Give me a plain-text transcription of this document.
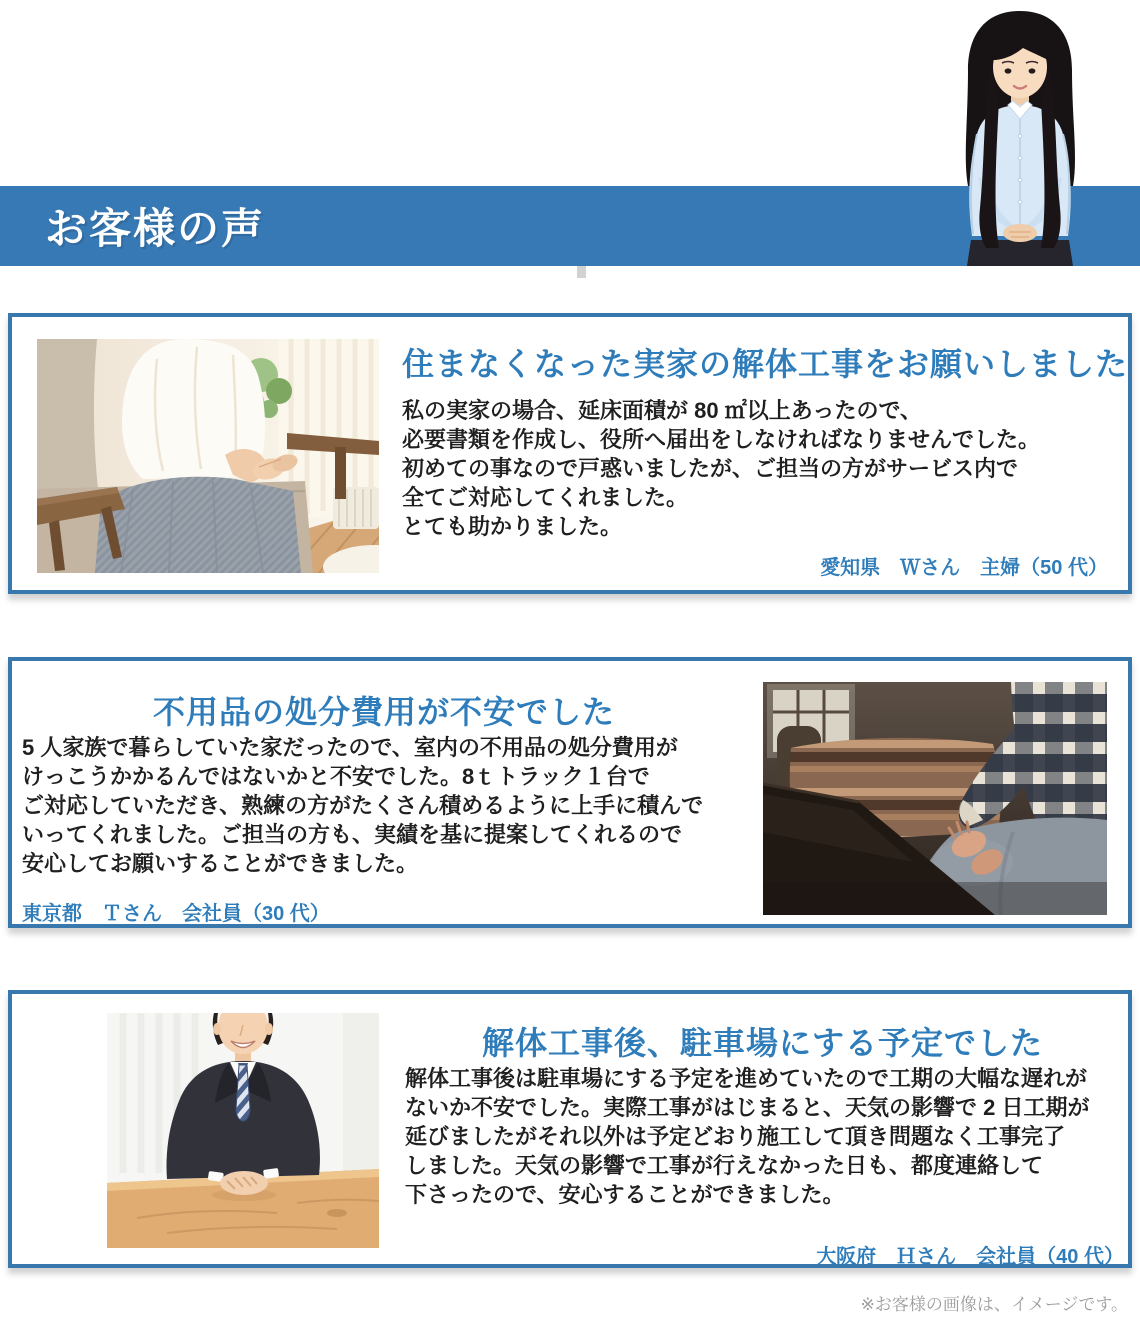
お客様の声
住まなくなった実家の解体工事をお願いしました
私の実家の場合、延床面積が 80 ㎡以上あったので、
必要書類を作成し、役所へ届出をしなければなりませんでした。
初めての事なので戸惑いましたが、ご担当の方がサービス内で
全てご対応してくれました。
とても助かりました。
愛知県　Ｗさん　主婦（50 代）
不用品の処分費用が不安でした
5 人家族で暮らしていた家だったので、室内の不用品の処分費用が
けっこうかかるんではないかと不安でした。8ｔトラック１台で
ご対応していただき、熟練の方がたくさん積めるように上手に積んで
いってくれました。ご担当の方も、実績を基に提案してくれるので
安心してお願いすることができました。
東京都　Ｔさん　会社員（30 代）
解体工事後、駐車場にする予定でした
解体工事後は駐車場にする予定を進めていたので工期の大幅な遅れが
ないか不安でした。実際工事がはじまると、天気の影響で 2 日工期が
延びましたがそれ以外は予定どおり施工して頂き問題なく工事完了
しました。天気の影響で工事が行えなかった日も、都度連絡して
下さったので、安心することができました。
大阪府　Ｈさん　会社員（40 代）
※お客様の画像は、イメージです。
